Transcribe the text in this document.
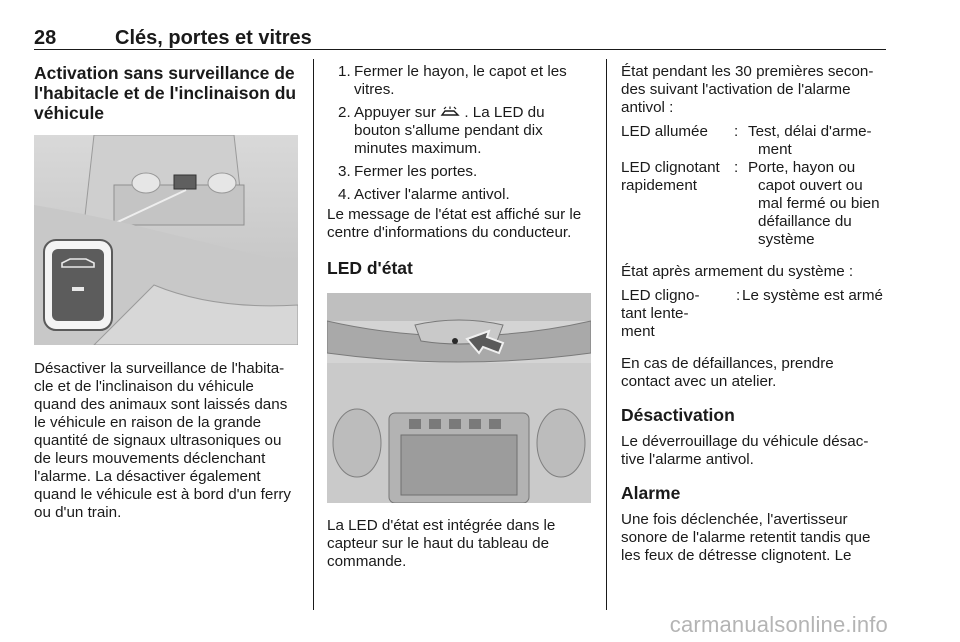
28	Clés, portes et vitres
Activation sans surveillance de
l'habitacle et de l'inclinaison du
véhicule
Désactiver la surveillance de l'habita-
cle et de l'inclinaison du véhicule
quand des animaux sont laissés dans
le véhicule en raison de la grande
quantité de signaux ultrasoniques ou
de leurs mouvements déclenchant
l'alarme. La désactiver également
quand le véhicule est à bord d'un ferry
ou d'un train.
1. Fermer le hayon, le capot et les
vitres.
2. Appuyer sur  . La LED du
bouton s'allume pendant dix
minutes maximum.
3. Fermer les portes.
4. Activer l'alarme antivol.
Le message de l'état est affiché sur le
centre d'informations du conducteur.
LED d'état
La LED d'état est intégrée dans le
capteur sur le haut du tableau de
commande.
État pendant les 30 premières secon-
des suivant l'activation de l'alarme
antivol :
LED allumée	: Test, délai d'arme-
ment
LED clignotant
rapidement
: Porte, hayon ou
capot ouvert ou
mal fermé ou bien
défaillance du
système
État après armement du système :
LED cligno-
tant lente-
ment
: Le système est armé
En cas de défaillances, prendre
contact avec un atelier.
Désactivation
Le déverrouillage du véhicule désac-
tive l'alarme antivol.
Alarme
Une fois déclenchée, l'avertisseur
sonore de l'alarme retentit tandis que
les feux de détresse clignotent. Le
carmanualsonline.info
